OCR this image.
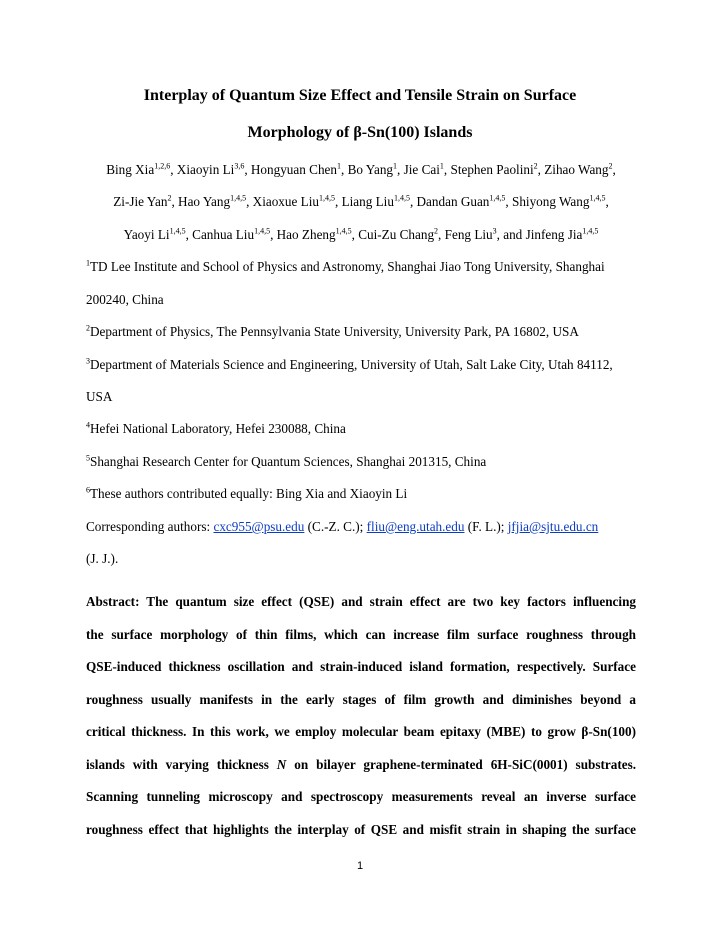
Interplay of Quantum Size Effect and Tensile Strain on Surface
Morphology of β-Sn(100) Islands
Bing Xia$^{1,2,6}$, Xiaoyin Li$^{3,6}$, Hongyuan Chen$^1$, Bo Yang$^1$, Jie Cai$^1$, Stephen Paolini$^2$, Zihao Wang$^2$,
Zi-Jie Yan$^2$, Hao Yang$^{1,4,5}$, Xiaoxue Liu$^{1,4,5}$, Liang Liu$^{1,4,5}$, Dandan Guan$^{1,4,5}$, Shiyong Wang$^{1,4,5}$,
Yaoyi Li$^{1,4,5}$, Canhua Liu$^{1,4,5}$, Hao Zheng$^{1,4,5}$, Cui-Zu Chang$^2$, Feng Liu$^3$, and Jinfeng Jia$^{1,4,5}$
$^1$TD Lee Institute and School of Physics and Astronomy, Shanghai Jiao Tong University, Shanghai
200240, China
$^2$Department of Physics, The Pennsylvania State University, University Park, PA 16802, USA
$^3$Department of Materials Science and Engineering, University of Utah, Salt Lake City, Utah 84112,
USA
$^4$Hefei National Laboratory, Hefei 230088, China
$^5$Shanghai Research Center for Quantum Sciences, Shanghai 201315, China
$^6$These authors contributed equally: Bing Xia and Xiaoyin Li
Corresponding authors: cxc955@psu.edu (C.-Z. C.); fliu@eng.utah.edu (F. L.); jfjia@sjtu.edu.cn
(J. J.).
Abstract: The quantum size effect (QSE) and strain effect are two key factors influencing
the surface morphology of thin films, which can increase film surface roughness through
QSE-induced thickness oscillation and strain-induced island formation, respectively. Surface
roughness usually manifests in the early stages of film growth and diminishes beyond a
critical thickness. In this work, we employ molecular beam epitaxy (MBE) to grow β-Sn(100)
islands with varying thickness N on bilayer graphene-terminated 6H-SiC(0001) substrates.
Scanning tunneling microscopy and spectroscopy measurements reveal an inverse surface
roughness effect that highlights the interplay of QSE and misfit strain in shaping the surface
1
